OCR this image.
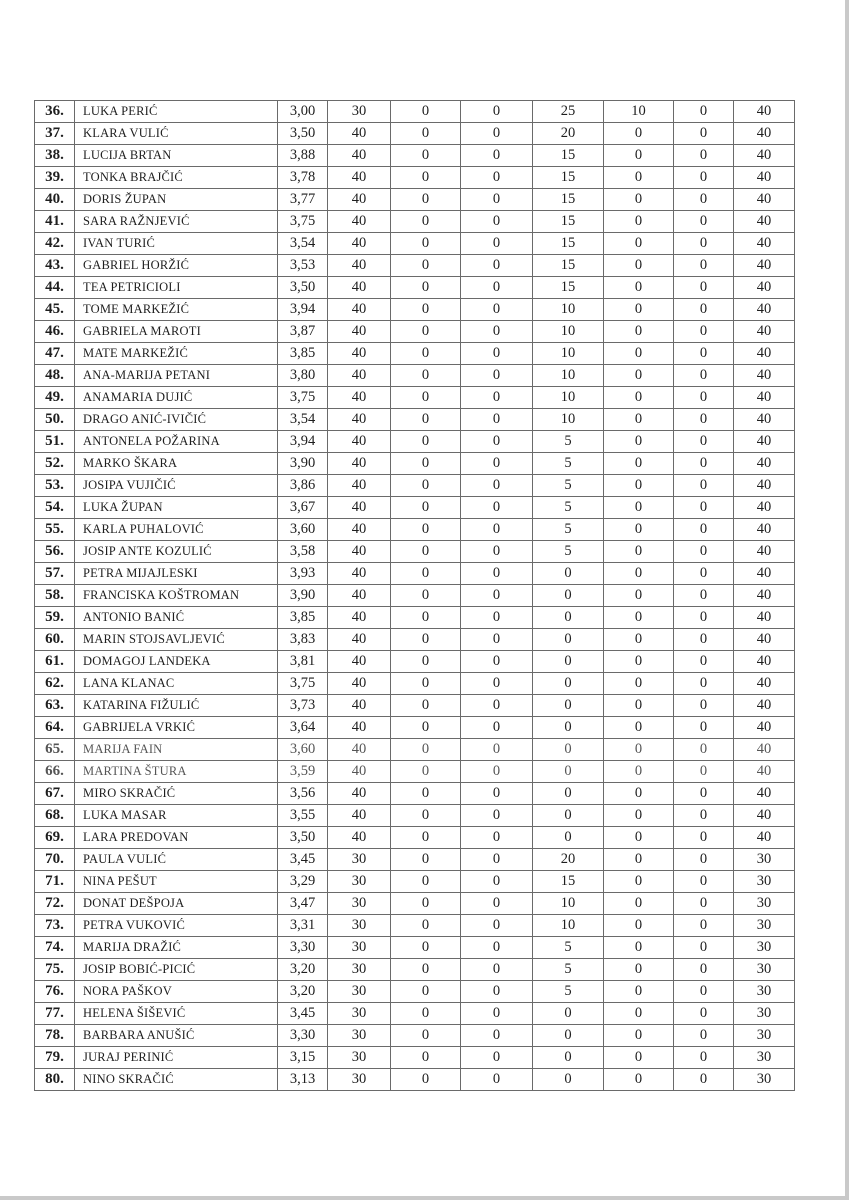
36.	LUKA PERIĆ	3,00	30	0	0	25	10	0	40
37.	KLARA VULIĆ	3,50	40	0	0	20	0	0	40
38.	LUCIJA BRTAN	3,88	40	0	0	15	0	0	40
39.	TONKA BRAJČIĆ	3,78	40	0	0	15	0	0	40
40.	DORIS ŽUPAN	3,77	40	0	0	15	0	0	40
41.	SARA RAŽNJEVIĆ	3,75	40	0	0	15	0	0	40
42.	IVAN TURIĆ	3,54	40	0	0	15	0	0	40
43.	GABRIEL HORŽIĆ	3,53	40	0	0	15	0	0	40
44.	TEA PETRICIOLI	3,50	40	0	0	15	0	0	40
45.	TOME MARKEŽIĆ	3,94	40	0	0	10	0	0	40
46.	GABRIELA MAROTI	3,87	40	0	0	10	0	0	40
47.	MATE MARKEŽIĆ	3,85	40	0	0	10	0	0	40
48.	ANA-MARIJA PETANI	3,80	40	0	0	10	0	0	40
49.	ANAMARIA DUJIĆ	3,75	40	0	0	10	0	0	40
50.	DRAGO ANIĆ-IVIČIĆ	3,54	40	0	0	10	0	0	40
51.	ANTONELA POŽARINA	3,94	40	0	0	5	0	0	40
52.	MARKO ŠKARA	3,90	40	0	0	5	0	0	40
53.	JOSIPA VUJIČIĆ	3,86	40	0	0	5	0	0	40
54.	LUKA ŽUPAN	3,67	40	0	0	5	0	0	40
55.	KARLA PUHALOVIĆ	3,60	40	0	0	5	0	0	40
56.	JOSIP ANTE KOZULIĆ	3,58	40	0	0	5	0	0	40
57.	PETRA MIJAJLESKI	3,93	40	0	0	0	0	0	40
58.	FRANCISKA KOŠTROMAN	3,90	40	0	0	0	0	0	40
59.	ANTONIO BANIĆ	3,85	40	0	0	0	0	0	40
60.	MARIN STOJSAVLJEVIĆ	3,83	40	0	0	0	0	0	40
61.	DOMAGOJ LANDEKA	3,81	40	0	0	0	0	0	40
62.	LANA KLANAC	3,75	40	0	0	0	0	0	40
63.	KATARINA FIŽULIĆ	3,73	40	0	0	0	0	0	40
64.	GABRIJELA VRKIĆ	3,64	40	0	0	0	0	0	40
65.	MARIJA FAIN	3,60	40	0	0	0	0	0	40
66.	MARTINA ŠTURA	3,59	40	0	0	0	0	0	40
67.	MIRO SKRAČIĆ	3,56	40	0	0	0	0	0	40
68.	LUKA MASAR	3,55	40	0	0	0	0	0	40
69.	LARA PREDOVAN	3,50	40	0	0	0	0	0	40
70.	PAULA VULIĆ	3,45	30	0	0	20	0	0	30
71.	NINA PEŠUT	3,29	30	0	0	15	0	0	30
72.	DONAT DEŠPOJA	3,47	30	0	0	10	0	0	30
73.	PETRA VUKOVIĆ	3,31	30	0	0	10	0	0	30
74.	MARIJA DRAŽIĆ	3,30	30	0	0	5	0	0	30
75.	JOSIP BOBIĆ-PICIĆ	3,20	30	0	0	5	0	0	30
76.	NORA PAŠKOV	3,20	30	0	0	5	0	0	30
77.	HELENA ŠIŠEVIĆ	3,45	30	0	0	0	0	0	30
78.	BARBARA ANUŠIĆ	3,30	30	0	0	0	0	0	30
79.	JURAJ PERINIĆ	3,15	30	0	0	0	0	0	30
80.	NINO SKRAČIĆ	3,13	30	0	0	0	0	0	30
